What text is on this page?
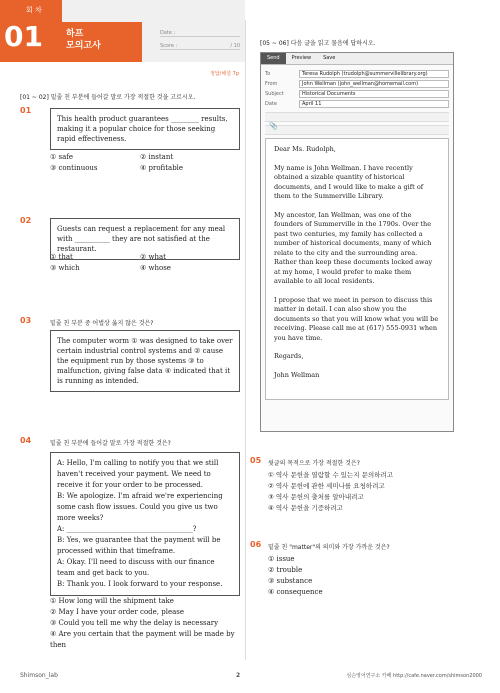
회 차
01	하프
모의고사
Date :
Score :	/ 10
정답/해설 7p
[01 ~ 02] 밑줄 친 부분에 들어갈 말로 가장 적절한 것을 고르시오.
01
This health product guarantees ________ results, making it a popular choice for those seeking rapid effectiveness.
① safe	② instant
③ continuous	④ profitable
02
Guests can request a replacement for any meal with __________ they are not satisfied at the restaurant.
① that	② what
③ which	④ whose
03	밑줄 친 부분 중 어법상 옳지 않은 것은?
The computer worm ① was designed to take over certain industrial control systems and ② cause the equipment run by those systems ③ to malfunction, giving false data ④ indicated that it is running as intended.
04	밑줄 친 부분에 들어갈 말로 가장 적절한 것은?
A: Hello, I'm calling to notify you that we still haven't received your payment. We need to receive it for your order to be processed.
B: We apologize. I'm afraid we're experiencing some cash flow issues. Could you give us two more weeks?
A: ____________________________________?
B: Yes, we guarantee that the payment will be processed within that timeframe.
A: Okay. I'll need to discuss with our finance team and get back to you.
B: Thank you. I look forward to your response.
① How long will the shipment take
② May I have your order code, please
③ Could you tell me why the delay is necessary
④ Are you certain that the payment will be made by then
[05 ~ 06] 다음 글을 읽고 물음에 답하시오.
Send	Preview	Save
To	Teresa Rudolph (trudolph@summervillelibrary.org)
From	John Wellman (john_wellman@homemail.com)
Subject	Historical Documents
Date	April 11
📎

Dear Ms. Rudolph,

My name is John Wellman. I have recently obtained a sizable quantity of historical documents, and I would like to make a gift of them to the Summerville Library.

My ancestor, Ian Wellman, was one of the founders of Summerville in the 1790s. Over the past two centuries, my family has collected a number of historical documents, many of which relate to the city and the surrounding area. Rather than keep these documents locked away at my home, I would prefer to make them available to all local residents.

I propose that we meet in person to discuss this matter in detail. I can also show you the documents so that you will know what you will be receiving. Please call me at (617) 555-0931 when you have time.

Regards,

John Wellman

05 윗글의 목적으로 가장 적절한 것은?
① 역사 문헌을 열람할 수 있는지 문의하려고
② 역사 문헌에 관한 세미나를 요청하려고
③ 역사 문헌의 출처를 알아내려고
④ 역사 문헌을 기증하려고
06 밑줄 친 "matter"의 의미와 가장 가까운 것은?
① issue
② trouble
③ substance
④ consequence
Shimson_lab	2	심슨영어연구소 카페 http://cafe.naver.com/shimson2000
